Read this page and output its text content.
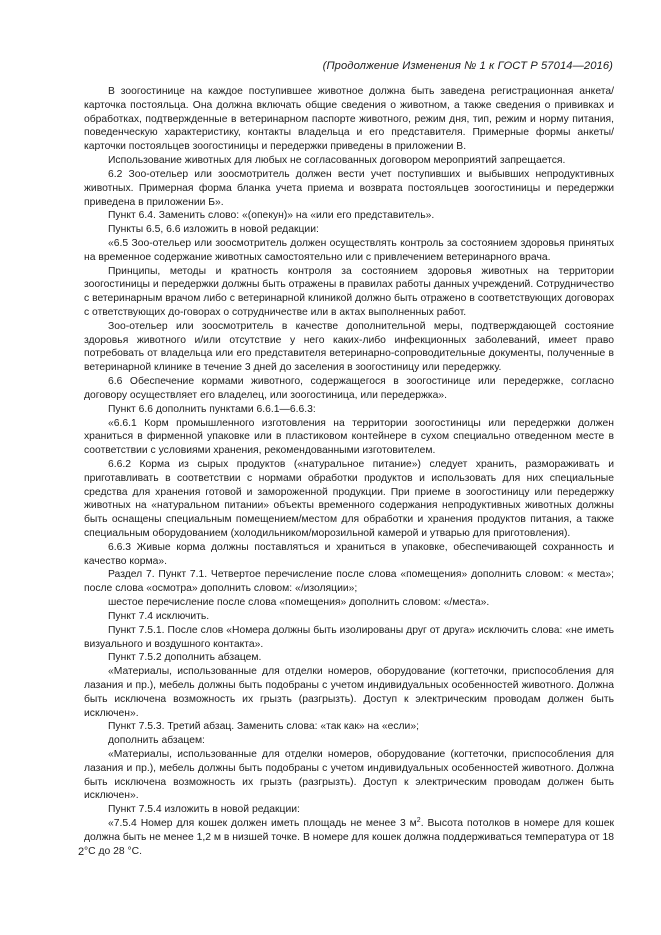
(Продолжение Изменения № 1 к ГОСТ Р 57014—2016)

В зоогостинице на каждое поступившее животное должна быть заведена регистрационная анкета/карточка постояльца. Она должна включать общие сведения о животном, а также сведения о прививках и обработках, подтвержденные в ветеринарном паспорте животного, режим дня, тип, режим и норму питания, поведенческую характеристику, контакты владельца и его представителя. Примерные формы анкеты/карточки постояльцев зоогостиницы и передержки приведены в приложении В.

Использование животных для любых не согласованных договором мероприятий запрещается.

6.2 Зоо-отельер или зоосмотритель должен вести учет поступивших и выбывших непродуктивных животных. Примерная форма бланка учета приема и возврата постояльцев зоогостиницы и передержки приведена в приложении Б».

Пункт 6.4. Заменить слово: «(опекун)» на «или его представитель».

Пункты 6.5, 6.6 изложить в новой редакции:

«6.5 Зоо-отельер или зоосмотритель должен осуществлять контроль за состоянием здоровья принятых на временное содержание животных самостоятельно или с привлечением ветеринарного врача.

Принципы, методы и кратность контроля за состоянием здоровья животных на территории зоогостиницы и передержки должны быть отражены в правилах работы данных учреждений. Сотрудничество с ветеринарным врачом либо с ветеринарной клиникой должно быть отражено в соответствующих договорах с ответствующих до-говорах о сотрудничестве или в актах выполненных работ.

Зоо-отельер или зоосмотритель в качестве дополнительной меры, подтверждающей состояние здоровья животного и/или отсутствие у него каких-либо инфекционных заболеваний, имеет право потребовать от владельца или его представителя ветеринарно-сопроводительные документы, полученные в ветеринарной клинике в течение 3 дней до заселения в зоогостиницу или передержку.

6.6 Обеспечение кормами животного, содержащегося в зоогостинице или передержке, согласно договору осуществляет его владелец, или зоогостиница, или передержка».

Пункт 6.6 дополнить пунктами 6.6.1—6.6.3:

«6.6.1 Корм промышленного изготовления на территории зоогостиницы или передержки должен храниться в фирменной упаковке или в пластиковом контейнере в сухом специально отведенном месте в соответствии с условиями хранения, рекомендованными изготовителем.

6.6.2 Корма из сырых продуктов («натуральное питание») следует хранить, размораживать и приготавливать в соответствии с нормами обработки продуктов и использовать для них специальные средства для хранения готовой и замороженной продукции. При приеме в зоогостиницу или передержку животных на «натуральном питании» объекты временного содержания непродуктивных животных должны быть оснащены специальным помещением/местом для обработки и хранения продуктов питания, а также специальным оборудованием (холодильником/морозильной камерой и утварью для приготовления).

6.6.3 Живые корма должны поставляться и храниться в упаковке, обеспечивающей сохранность и качество корма».

Раздел 7. Пункт 7.1. Четвертое перечисление после слова «помещения» дополнить словом: « места»; после слова «осмотра» дополнить словом: «/изоляции»;

шестое перечисление после слова «помещения» дополнить словом: «/места».

Пункт 7.4 исключить.

Пункт 7.5.1. После слов «Номера должны быть изолированы друг от друга» исключить слова: «не иметь визуального и воздушного контакта».

Пункт 7.5.2 дополнить абзацем.

«Материалы, использованные для отделки номеров, оборудование (когтеточки, приспособления для лазания и пр.), мебель должны быть подобраны с учетом индивидуальных особенностей животного. Должна быть исключена возможность их грызть (разгрызть). Доступ к электрическим проводам должен быть исключен».

Пункт 7.5.3. Третий абзац. Заменить слова: «так как» на «если»;

дополнить абзацем:

«Материалы, использованные для отделки номеров, оборудование (когтеточки, приспособления для лазания и пр.), мебель должны быть подобраны с учетом индивидуальных особенностей животного. Должна быть исключена возможность их грызть (разгрызть). Доступ к электрическим проводам должен быть исключен».

Пункт 7.5.4 изложить в новой редакции:

«7.5.4 Номер для кошек должен иметь площадь не менее 3 $м^2$. Высота потолков в номере для кошек должна быть не менее 1,2 м в низшей точке. В номере для кошек должна поддерживаться температура от 18 °С до 28 °С.

2
